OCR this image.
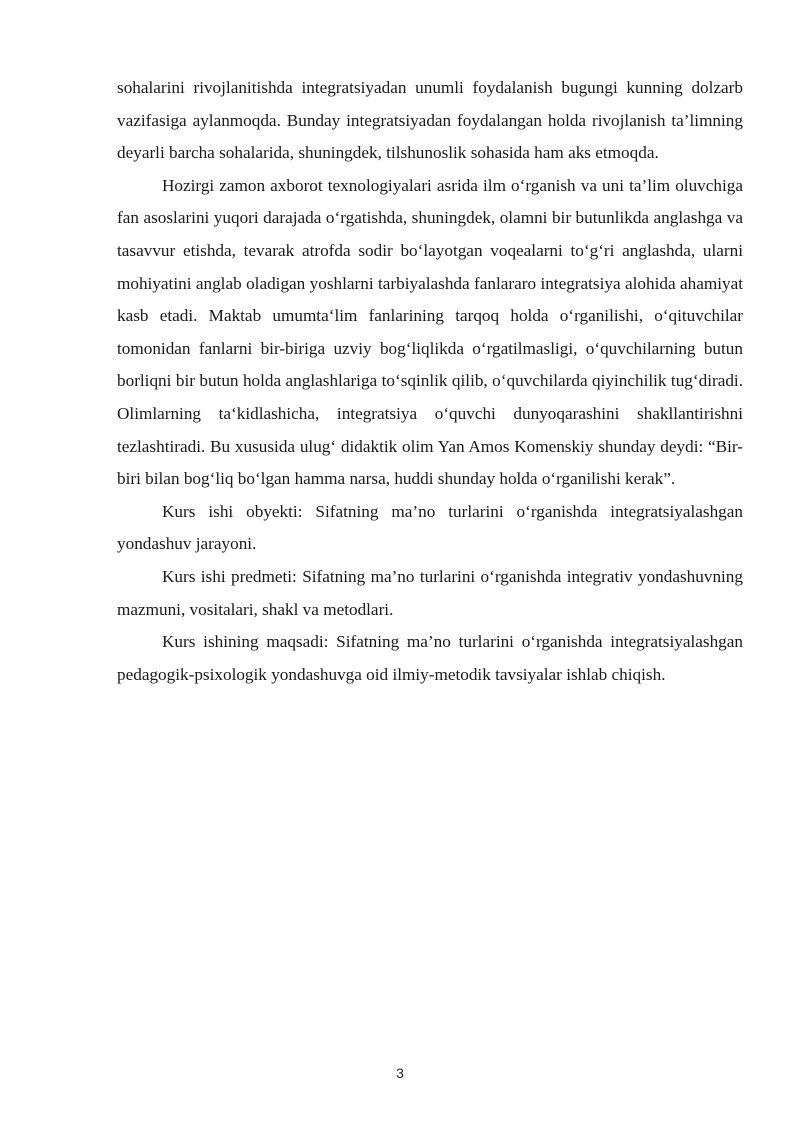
sohalarini rivojlanitishda integratsiyadan unumli foydalanish bugungi kunning dolzarb vazifasiga aylanmoqda. Bunday integratsiyadan foydalangan holda rivojlanish ta’limning deyarli barcha sohalarida, shuningdek, tilshunoslik sohasida ham aks etmoqda.

Hozirgi zamon axborot texnologiyalari asrida ilm o‘rganish va uni ta’lim oluvchiga fan asoslarini yuqori darajada o‘rgatishda, shuningdek, olamni bir butunlikda anglashga va tasavvur etishda, tevarak atrofda sodir bo‘layotgan voqealarni to‘g‘ri anglashda, ularni mohiyatini anglab oladigan yoshlarni tarbiyalashda fanlararo integratsiya alohida ahamiyat kasb etadi. Maktab umumta‘lim fanlarining tarqoq holda o‘rganilishi, o‘qituvchilar tomonidan fanlarni bir-biriga uzviy bog‘liqlikda o‘rgatilmasligi, o‘quvchilarning butun borliqni bir butun holda anglashlariga to‘sqinlik qilib, o‘quvchilarda qiyinchilik tug‘diradi. Olimlarning ta‘kidlashicha, integratsiya o‘quvchi dunyoqarashini shakllantirishni tezlashtiradi. Bu xususida ulug‘ didaktik olim Yan Amos Komenskiy shunday deydi: “Bir-biri bilan bog‘liq bo‘lgan hamma narsa, huddi shunday holda o‘rganilishi kerak”.

Kurs ishi obyekti: Sifatning ma’no turlarini o‘rganishda integratsiyalashgan yondashuv jarayoni.

Kurs ishi predmeti: Sifatning ma’no turlarini o‘rganishda integrativ yondashuvning mazmuni, vositalari, shakl va metodlari.

Kurs ishining maqsadi: Sifatning ma’no turlarini o‘rganishda integratsiyalashgan pedagogik-psixologik yondashuvga oid ilmiy-metodik tavsiyalar ishlab chiqish.

3
